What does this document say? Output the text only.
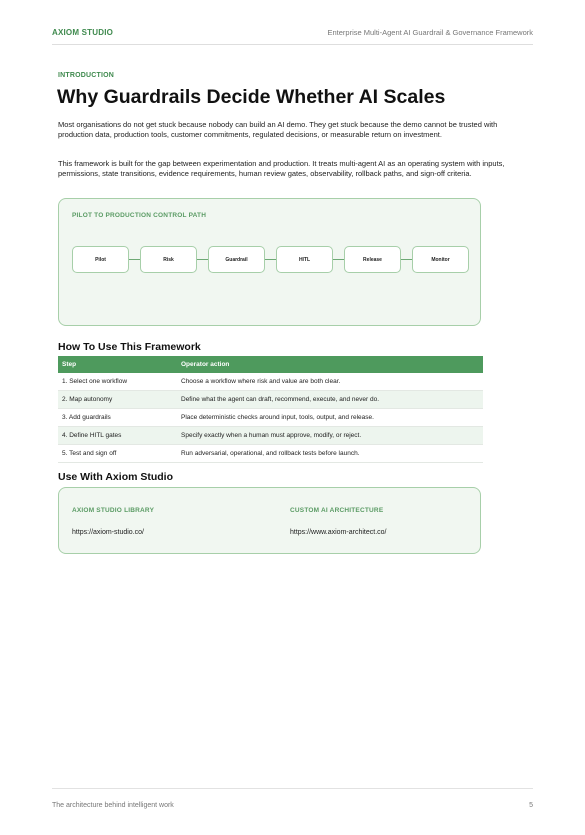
AXIOM STUDIO	Enterprise Multi-Agent AI Guardrail & Governance Framework
INTRODUCTION
Why Guardrails Decide Whether AI Scales

Most organisations do not get stuck because nobody can build an AI demo. They get stuck because the demo cannot be trusted with production data, production tools, customer commitments, regulated decisions, or measurable return on investment.

This framework is built for the gap between experimentation and production. It treats multi-agent AI as an operating system with inputs, permissions, state transitions, evidence requirements, human review gates, observability, rollback paths, and sign-off criteria.

PILOT TO PRODUCTION CONTROL PATH
Pilot	Risk	Guardrail	HITL	Release	Monitor
How To Use This Framework
Step	Operator action
1. Select one workflow	Choose a workflow where risk and value are both clear.
2. Map autonomy	Define what the agent can draft, recommend, execute, and never do.
3. Add guardrails	Place deterministic checks around input, tools, output, and release.
4. Define HITL gates	Specify exactly when a human must approve, modify, or reject.
5. Test and sign off	Run adversarial, operational, and rollback tests before launch.
Use With Axiom Studio
AXIOM STUDIO LIBRARY
https://axiom-studio.co/
CUSTOM AI ARCHITECTURE
https://www.axiom-architect.co/
The architecture behind intelligent work	5
